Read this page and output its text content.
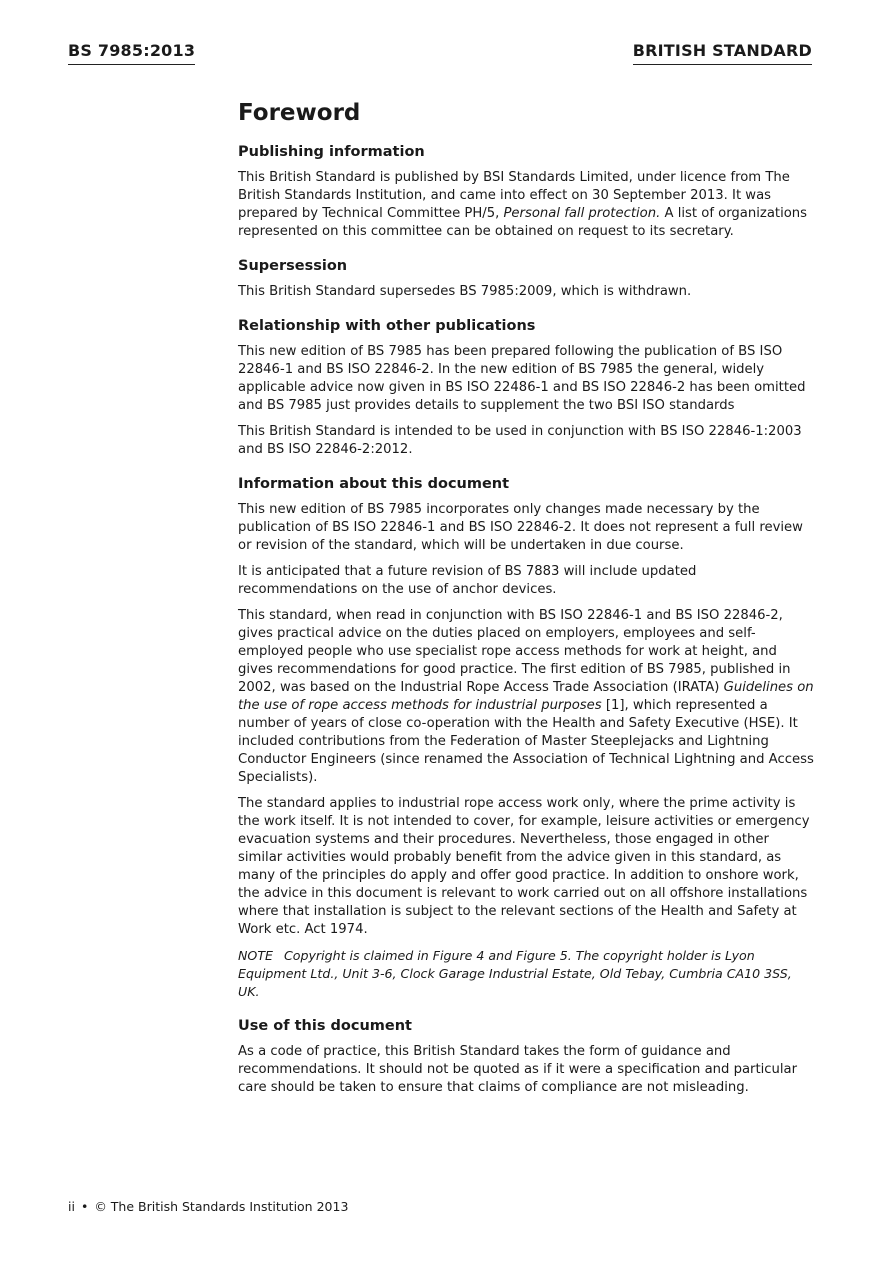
BS 7985:2013	BRITISH STANDARD
Foreword
Publishing information

This British Standard is published by BSI Standards Limited, under licence from The British Standards Institution, and came into effect on 30 September 2013. It was prepared by Technical Committee PH/5, Personal fall protection. A list of organizations represented on this committee can be obtained on request to its secretary.

Supersession

This British Standard supersedes BS 7985:2009, which is withdrawn.

Relationship with other publications

This new edition of BS 7985 has been prepared following the publication of BS ISO 22846-1 and BS ISO 22846-2. In the new edition of BS 7985 the general, widely applicable advice now given in BS ISO 22486-1 and BS ISO 22846-2 has been omitted and BS 7985 just provides details to supplement the two BSI ISO standards

This British Standard is intended to be used in conjunction with BS ISO 22846-1:2003 and BS ISO 22846-2:2012.

Information about this document

This new edition of BS 7985 incorporates only changes made necessary by the publication of BS ISO 22846-1 and BS ISO 22846-2. It does not represent a full review or revision of the standard, which will be undertaken in due course.

It is anticipated that a future revision of BS 7883 will include updated recommendations on the use of anchor devices.

This standard, when read in conjunction with BS ISO 22846-1 and BS ISO 22846-2, gives practical advice on the duties placed on employers, employees and self-employed people who use specialist rope access methods for work at height, and gives recommendations for good practice. The first edition of BS 7985, published in 2002, was based on the Industrial Rope Access Trade Association (IRATA) Guidelines on the use of rope access methods for industrial purposes [1], which represented a number of years of close co-operation with the Health and Safety Executive (HSE). It included contributions from the Federation of Master Steeplejacks and Lightning Conductor Engineers (since renamed the Association of Technical Lightning and Access Specialists).

The standard applies to industrial rope access work only, where the prime activity is the work itself. It is not intended to cover, for example, leisure activities or emergency evacuation systems and their procedures. Nevertheless, those engaged in other similar activities would probably benefit from the advice given in this standard, as many of the principles do apply and offer good practice. In addition to onshore work, the advice in this document is relevant to work carried out on all offshore installations where that installation is subject to the relevant sections of the Health and Safety at Work etc. Act 1974.

NOTE Copyright is claimed in Figure 4 and Figure 5. The copyright holder is Lyon Equipment Ltd., Unit 3-6, Clock Garage Industrial Estate, Old Tebay, Cumbria CA10 3SS, UK.

Use of this document

As a code of practice, this British Standard takes the form of guidance and recommendations. It should not be quoted as if it were a specification and particular care should be taken to ensure that claims of compliance are not misleading.

ii • © The British Standards Institution 2013
